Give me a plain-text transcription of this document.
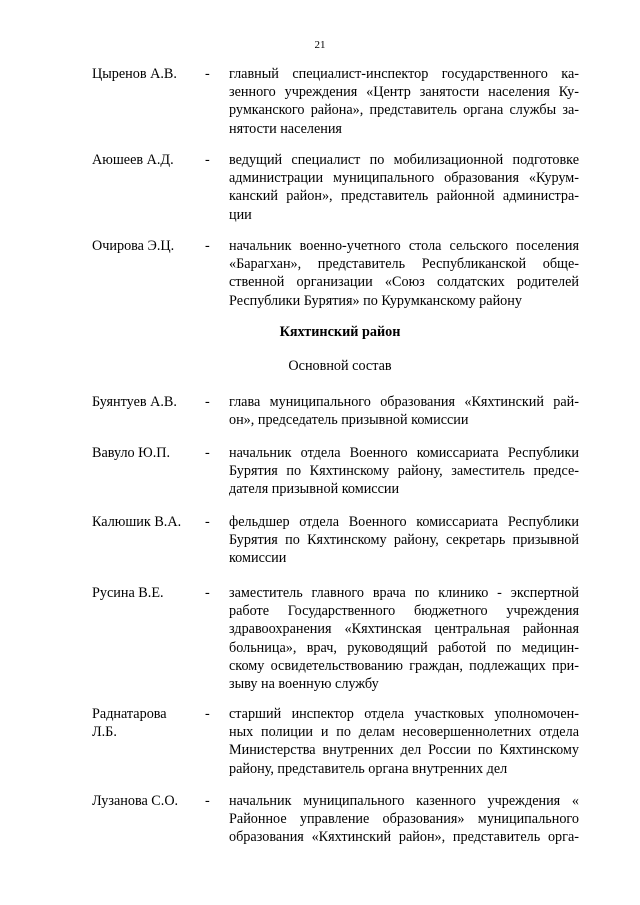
21
Цыренов А.В.	-	главный специалист-инспектор государственного ка-
зенного учреждения «Центр занятости населения Ку-
румканского района», представитель органа службы за-
нятости населения
Аюшеев А.Д.	-	ведущий специалист по мобилизационной подготовке
администрации муниципального образования «Курум-
канский район», представитель районной администра-
ции
Очирова Э.Ц.	-	начальник военно-учетного стола сельского поселения
«Барагхан», представитель Республиканской обще-
ственной организации «Союз солдатских родителей
Республики Бурятия» по Курумканскому району
Кяхтинский район
Основной состав
Буянтуев А.В.	-	глава муниципального образования «Кяхтинский рай-
он», председатель призывной комиссии
Вавуло Ю.П.	-	начальник отдела Военного комиссариата Республики
Бурятия по Кяхтинскому району, заместитель предсе-
дателя призывной комиссии
Калюшик В.А.	-	фельдшер отдела Военного комиссариата Республики
Бурятия по Кяхтинскому району, секретарь призывной
комиссии
Русина В.Е.	-	заместитель главного врача по клинико - экспертной
работе Государственного бюджетного учреждения
здравоохранения «Кяхтинская центральная районная
больница», врач, руководящий работой по медицин-
скому освидетельствованию граждан, подлежащих при-
зыву на военную службу
Раднатарова
Л.Б.
-	старший инспектор отдела участковых уполномочен-
ных полиции и по делам несовершеннолетних отдела
Министерства внутренних дел России по Кяхтинскому
району, представитель органа внутренних дел
Лузанова С.О.	-	начальник муниципального казенного учреждения «
Районное управление образования» муниципального
образования «Кяхтинский район», представитель орга-
